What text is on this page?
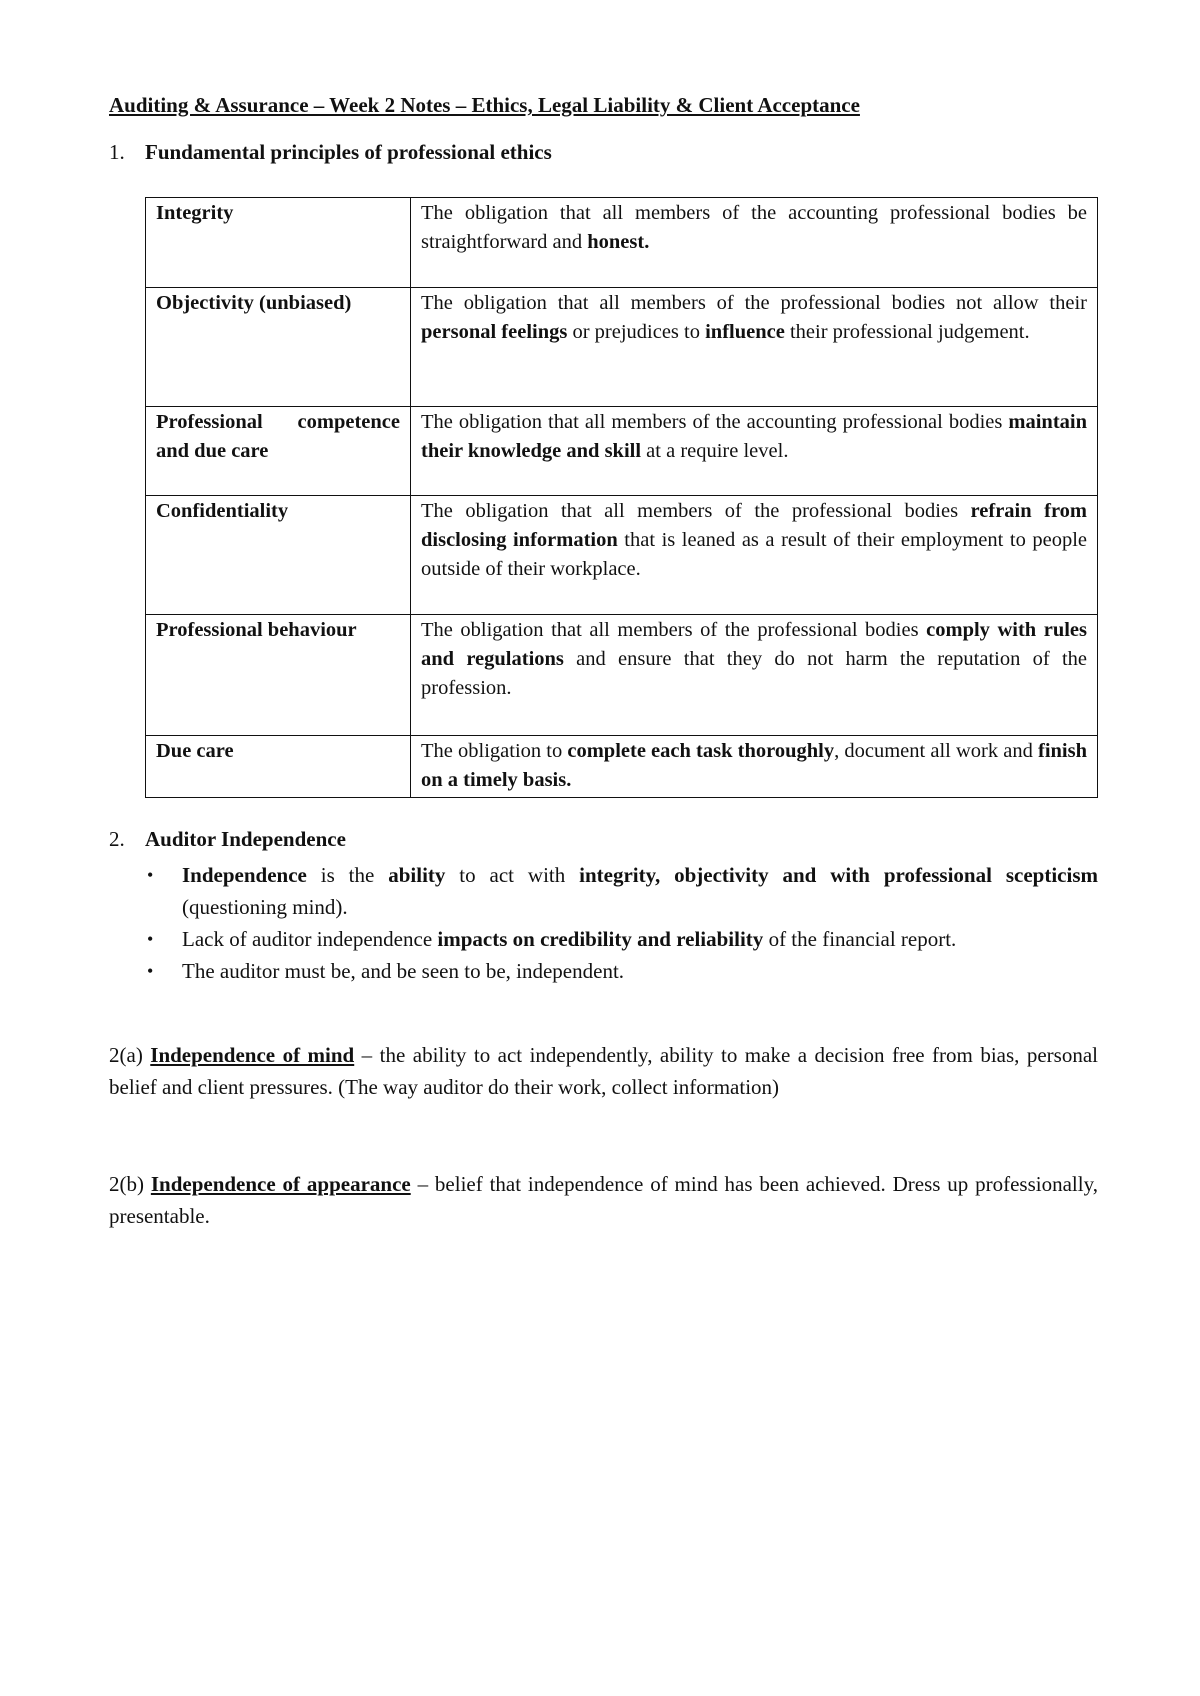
Auditing & Assurance – Week 2 Notes – Ethics, Legal Liability & Client Acceptance
1. Fundamental principles of professional ethics
Integrity	The obligation that all members of the accounting professional bodies be straightforward and honest.
Objectivity (unbiased)	The obligation that all members of the professional bodies not allow their personal feelings or prejudices to influence their professional judgement.
Professional competence and due care	The obligation that all members of the accounting professional bodies maintain their knowledge and skill at a require level.
Confidentiality	The obligation that all members of the professional bodies refrain from disclosing information that is leaned as a result of their employment to people outside of their workplace.
Professional behaviour	The obligation that all members of the professional bodies comply with rules and regulations and ensure that they do not harm the reputation of the profession.
Due care	The obligation to complete each task thoroughly, document all work and finish on a timely basis.
2. Auditor Independence
• Independence is the ability to act with integrity, objectivity and with professional scepticism (questioning mind).
• Lack of auditor independence impacts on credibility and reliability of the financial report.
• The auditor must be, and be seen to be, independent.
2(a) Independence of mind – the ability to act independently, ability to make a decision free from bias, personal belief and client pressures. (The way auditor do their work, collect information)
2(b) Independence of appearance – belief that independence of mind has been achieved. Dress up professionally, presentable.
